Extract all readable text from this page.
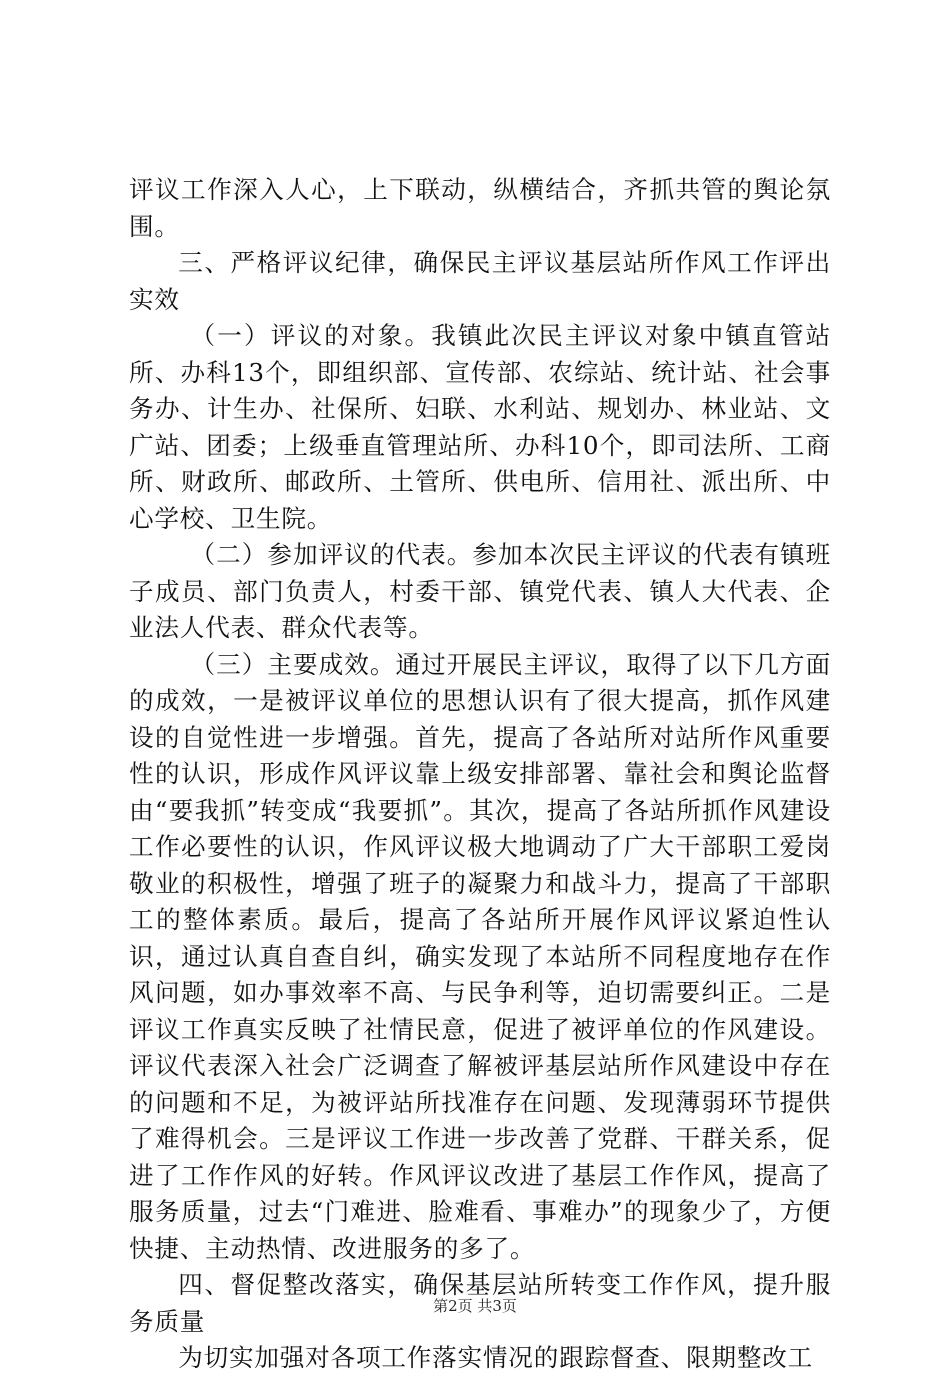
评议工作深入人心，上下联动，纵横结合，齐抓共管的舆论氛围。

三、严格评议纪律，确保民主评议基层站所作风工作评出实效

（一）评议的对象。我镇此次民主评议对象中镇直管站所、办科13个，即组织部、宣传部、农综站、统计站、社会事务办、计生办、社保所、妇联、水利站、规划办、林业站、文广站、团委；上级垂直管理站所、办科10个，即司法所、工商所、财政所、邮政所、土管所、供电所、信用社、派出所、中心学校、卫生院。

（二）参加评议的代表。参加本次民主评议的代表有镇班子成员、部门负责人，村委干部、镇党代表、镇人大代表、企业法人代表、群众代表等。

（三）主要成效。通过开展民主评议，取得了以下几方面的成效，一是被评议单位的思想认识有了很大提高，抓作风建设的自觉性进一步增强。首先，提高了各站所对站所作风重要性的认识，形成作风评议靠上级安排部署、靠社会和舆论监督由“要我抓”转变成“我要抓”。其次，提高了各站所抓作风建设工作必要性的认识，作风评议极大地调动了广大干部职工爱岗敬业的积极性，增强了班子的凝聚力和战斗力，提高了干部职工的整体素质。最后，提高了各站所开展作风评议紧迫性认识，通过认真自查自纠，确实发现了本站所不同程度地存在作风问题，如办事效率不高、与民争利等，迫切需要纠正。二是评议工作真实反映了社情民意，促进了被评单位的作风建设。评议代表深入社会广泛调查了解被评基层站所作风建设中存在的问题和不足，为被评站所找准存在问题、发现薄弱环节提供了难得机会。三是评议工作进一步改善了党群、干群关系，促进了工作作风的好转。作风评议改进了基层工作作风，提高了服务质量，过去“门难进、脸难看、事难办”的现象少了，方便快捷、主动热情、改进服务的多了。

四、督促整改落实，确保基层站所转变工作作风，提升服务质量

为切实加强对各项工作落实情况的跟踪督查、限期整改工

第2页 共3页
